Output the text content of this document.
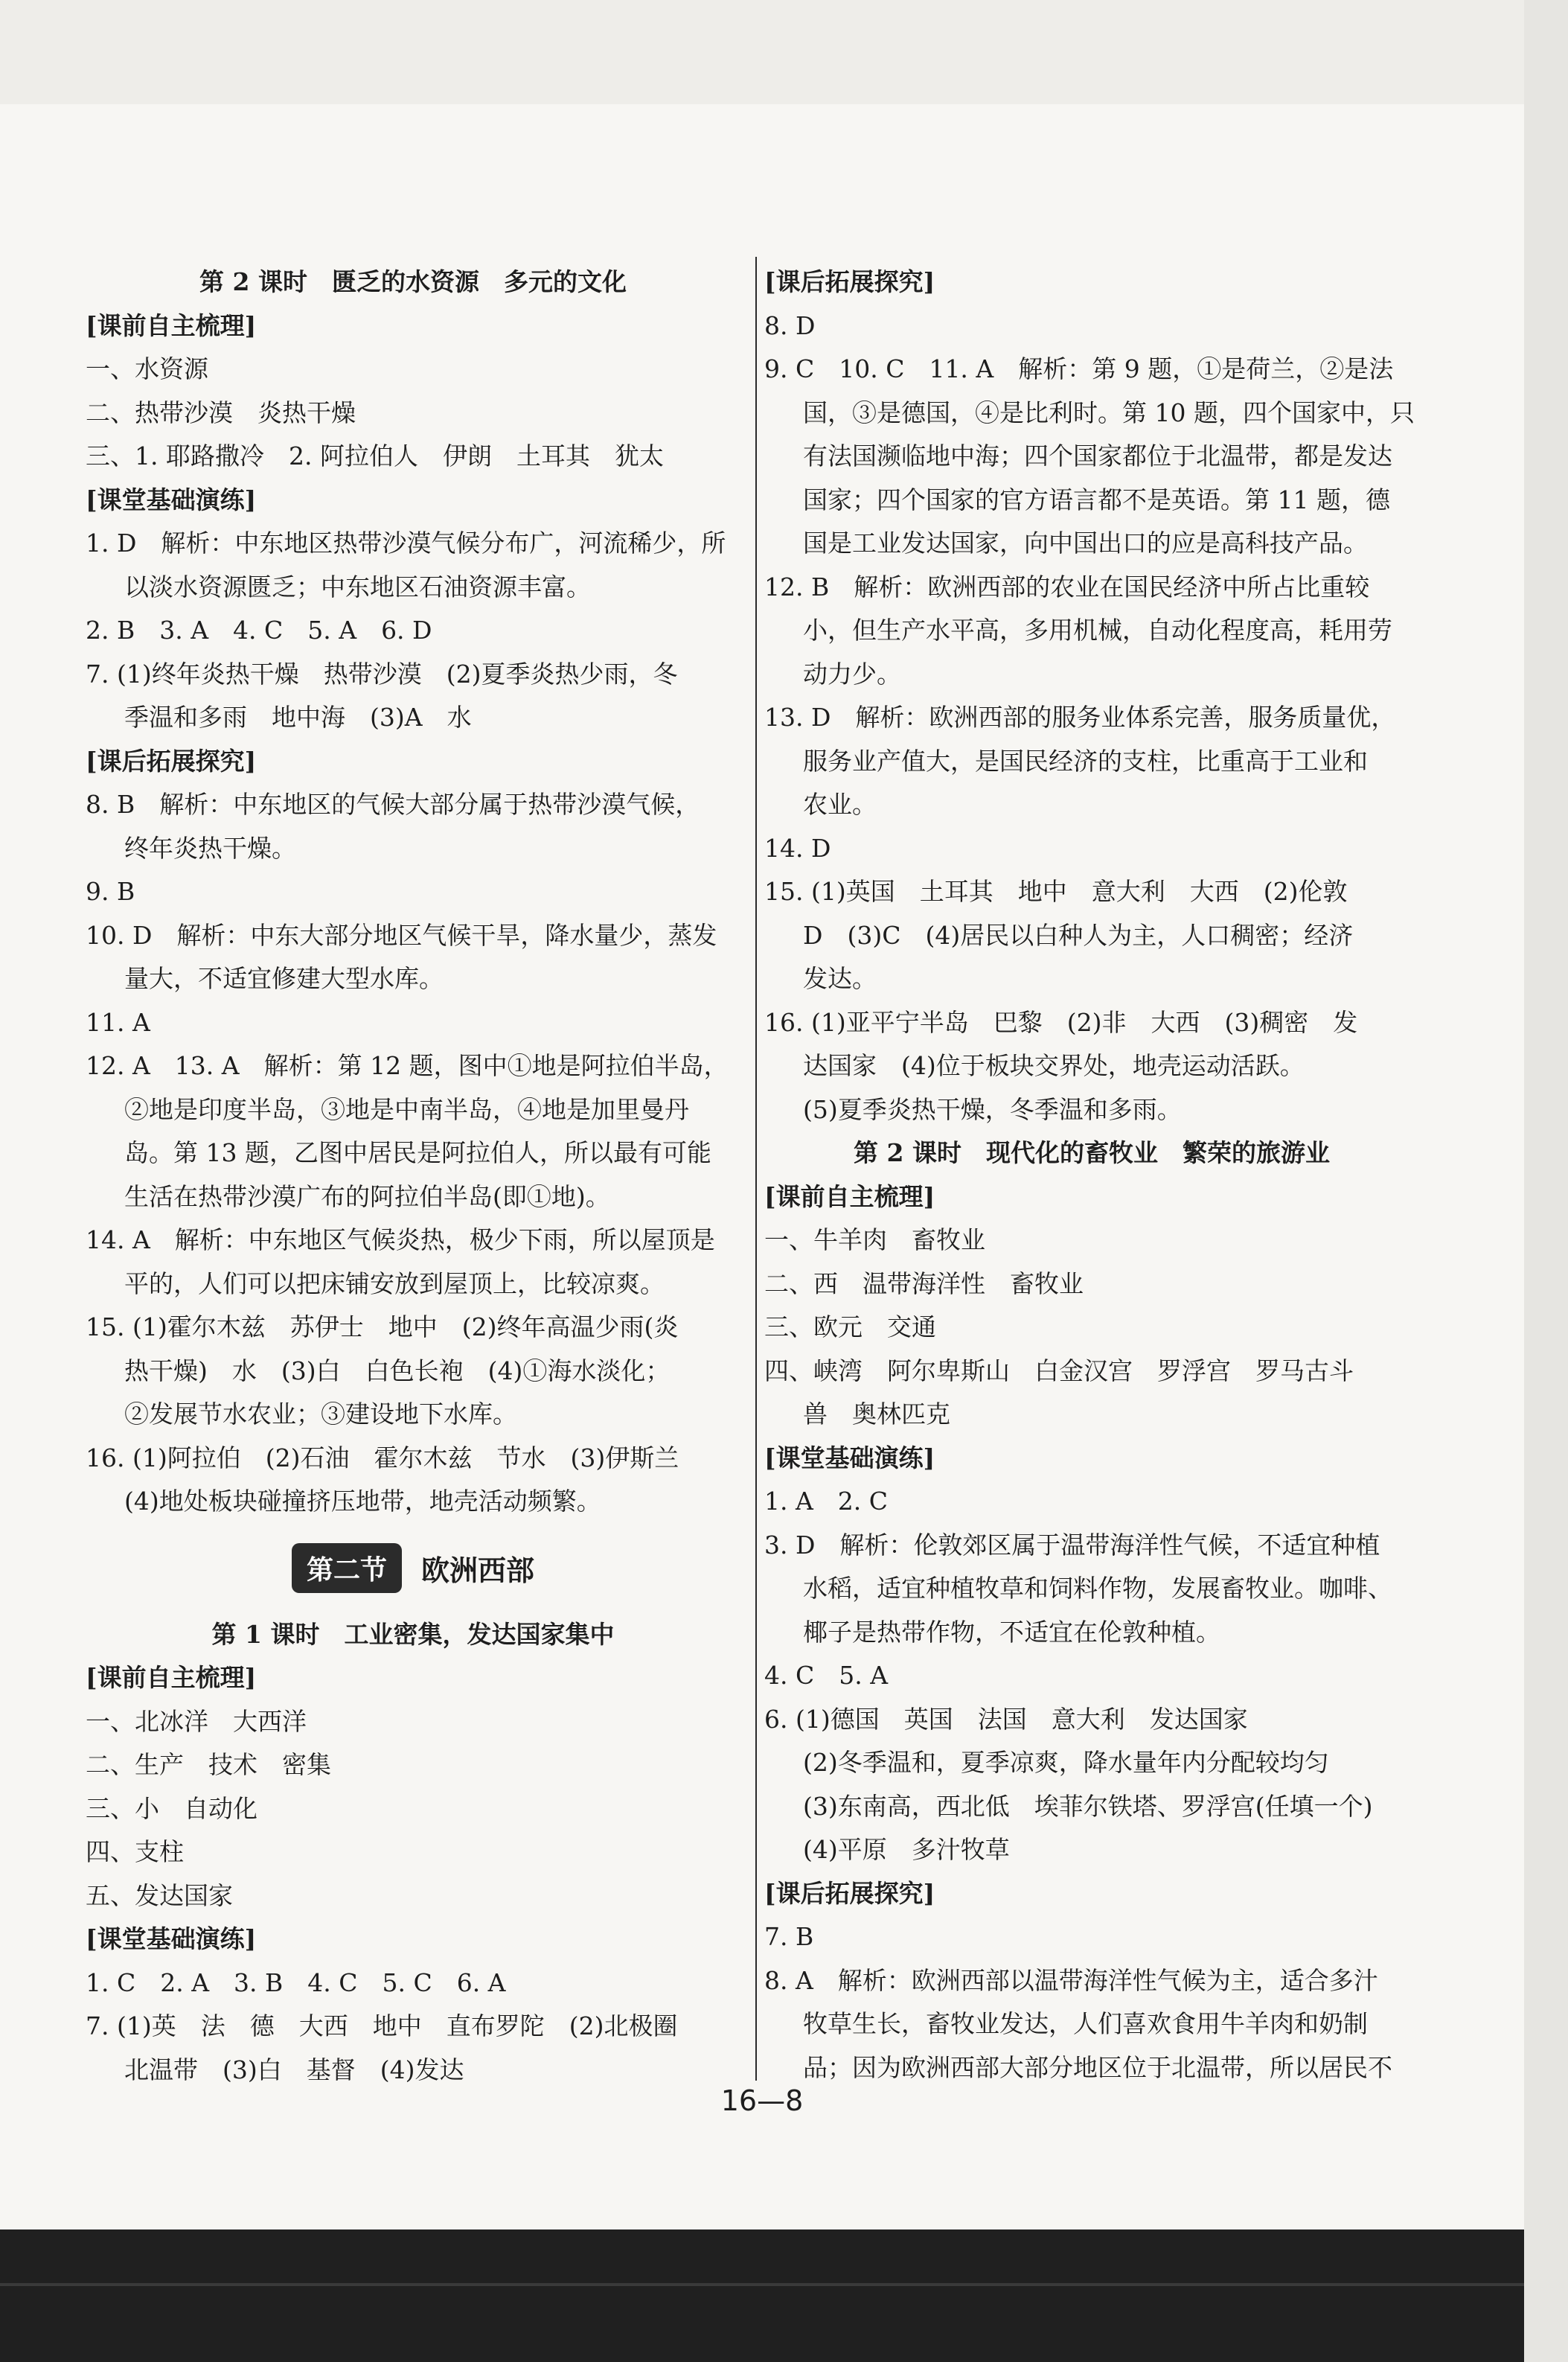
第 2 课时　匮乏的水资源　多元的文化
[课前自主梳理]
一、水资源
二、热带沙漠　炎热干燥
三、1. 耶路撒冷　2. 阿拉伯人　伊朗　土耳其　犹太
[课堂基础演练]
1. D　解析：中东地区热带沙漠气候分布广，河流稀少，所
以淡水资源匮乏；中东地区石油资源丰富。
2. B　3. A　4. C　5. A　6. D
7. (1)终年炎热干燥　热带沙漠　(2)夏季炎热少雨，冬
季温和多雨　地中海　(3)A　水
[课后拓展探究]
8. B　解析：中东地区的气候大部分属于热带沙漠气候，
终年炎热干燥。
9. B
10. D　解析：中东大部分地区气候干旱，降水量少，蒸发
量大，不适宜修建大型水库。
11. A
12. A　13. A　解析：第 12 题，图中①地是阿拉伯半岛，
②地是印度半岛，③地是中南半岛，④地是加里曼丹
岛。第 13 题，乙图中居民是阿拉伯人，所以最有可能
生活在热带沙漠广布的阿拉伯半岛(即①地)。
14. A　解析：中东地区气候炎热，极少下雨，所以屋顶是
平的，人们可以把床铺安放到屋顶上，比较凉爽。
15. (1)霍尔木兹　苏伊士　地中　(2)终年高温少雨(炎
热干燥)　水　(3)白　白色长袍　(4)①海水淡化；
②发展节水农业；③建设地下水库。
16. (1)阿拉伯　(2)石油　霍尔木兹　节水　(3)伊斯兰
(4)地处板块碰撞挤压地带，地壳活动频繁。
第二节	欧洲西部
第 1 课时　工业密集，发达国家集中
[课前自主梳理]
一、北冰洋　大西洋
二、生产　技术　密集
三、小　自动化
四、支柱
五、发达国家
[课堂基础演练]
1. C　2. A　3. B　4. C　5. C　6. A
7. (1)英　法　德　大西　地中　直布罗陀　(2)北极圈
北温带　(3)白　基督　(4)发达
[课后拓展探究]
8. D
9. C　10. C　11. A　解析：第 9 题，①是荷兰，②是法
国，③是德国，④是比利时。第 10 题，四个国家中，只
有法国濒临地中海；四个国家都位于北温带，都是发达
国家；四个国家的官方语言都不是英语。第 11 题，德
国是工业发达国家，向中国出口的应是高科技产品。
12. B　解析：欧洲西部的农业在国民经济中所占比重较
小，但生产水平高，多用机械，自动化程度高，耗用劳
动力少。
13. D　解析：欧洲西部的服务业体系完善，服务质量优，
服务业产值大，是国民经济的支柱，比重高于工业和
农业。
14. D
15. (1)英国　土耳其　地中　意大利　大西　(2)伦敦
D　(3)C　(4)居民以白种人为主，人口稠密；经济
发达。
16. (1)亚平宁半岛　巴黎　(2)非　大西　(3)稠密　发
达国家　(4)位于板块交界处，地壳运动活跃。
(5)夏季炎热干燥，冬季温和多雨。
第 2 课时　现代化的畜牧业　繁荣的旅游业
[课前自主梳理]
一、牛羊肉　畜牧业
二、西　温带海洋性　畜牧业
三、欧元　交通
四、峡湾　阿尔卑斯山　白金汉宫　罗浮宫　罗马古斗
兽　奥林匹克
[课堂基础演练]
1. A　2. C
3. D　解析：伦敦郊区属于温带海洋性气候，不适宜种植
水稻，适宜种植牧草和饲料作物，发展畜牧业。咖啡、
椰子是热带作物，不适宜在伦敦种植。
4. C　5. A
6. (1)德国　英国　法国　意大利　发达国家
(2)冬季温和，夏季凉爽，降水量年内分配较均匀
(3)东南高，西北低　埃菲尔铁塔、罗浮宫(任填一个)
(4)平原　多汁牧草
[课后拓展探究]
7. B
8. A　解析：欧洲西部以温带海洋性气候为主，适合多汁
牧草生长，畜牧业发达，人们喜欢食用牛羊肉和奶制
品；因为欧洲西部大部分地区位于北温带，所以居民不
16—8
